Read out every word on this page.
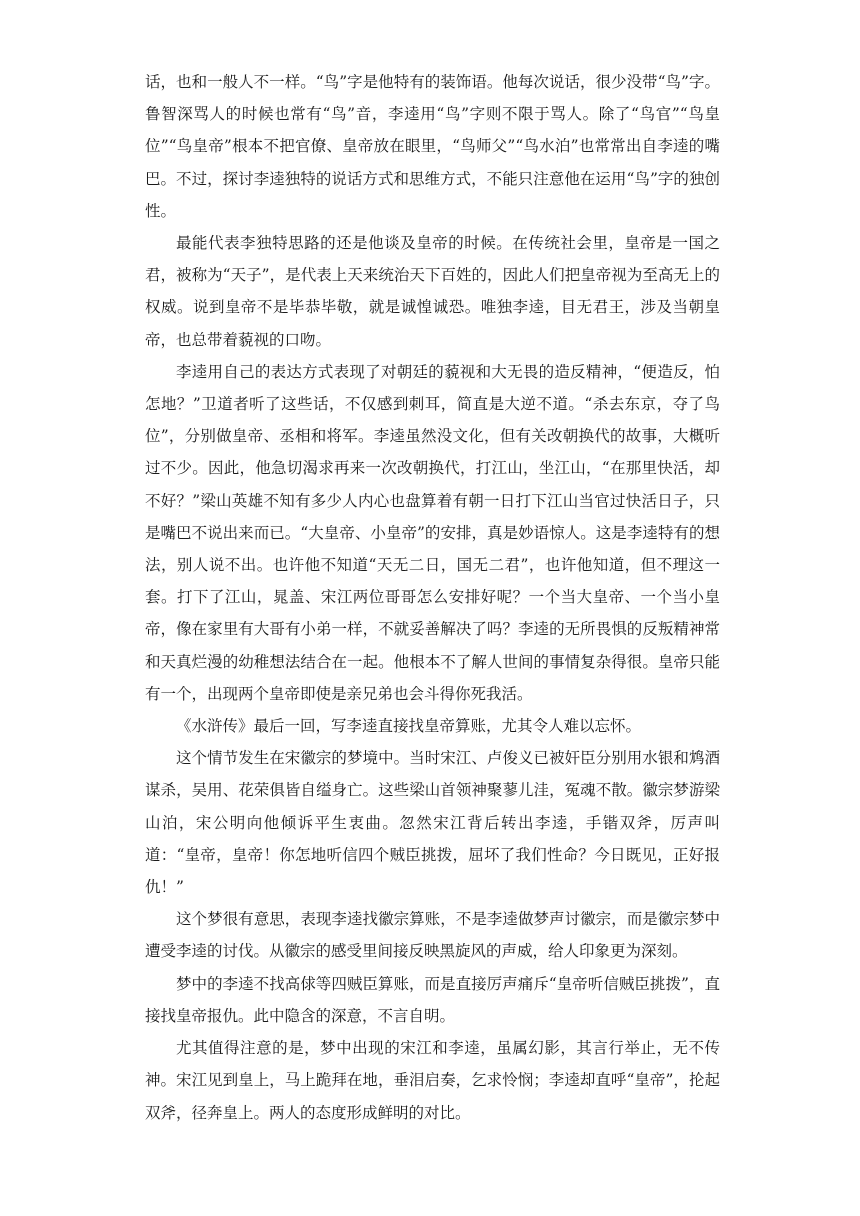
话，也和一般人不一样。“鸟”字是他特有的装饰语。他每次说话，很少没带“鸟”字。鲁智深骂人的时候也常有“鸟”音，李逵用“鸟”字则不限于骂人。除了“鸟官”“鸟皇位”“鸟皇帝”根本不把官僚、皇帝放在眼里，“鸟师父”“鸟水泊”也常常出自李逵的嘴巴。不过，探讨李逵独特的说话方式和思维方式，不能只注意他在运用“鸟”字的独创性。

最能代表李独特思路的还是他谈及皇帝的时候。在传统社会里，皇帝是一国之君，被称为“天子”，是代表上天来统治天下百姓的，因此人们把皇帝视为至高无上的权威。说到皇帝不是毕恭毕敬，就是诚惶诚恐。唯独李逵，目无君王，涉及当朝皇帝，也总带着藐视的口吻。

李逵用自己的表达方式表现了对朝廷的藐视和大无畏的造反精神，“便造反，怕怎地？”卫道者听了这些话，不仅感到刺耳，简直是大逆不道。“杀去东京，夺了鸟位”，分别做皇帝、丞相和将军。李逵虽然没文化，但有关改朝换代的故事，大概听过不少。因此，他急切渴求再来一次改朝换代，打江山，坐江山，“在那里快活，却不好？”梁山英雄不知有多少人内心也盘算着有朝一日打下江山当官过快活日子，只是嘴巴不说出来而已。“大皇帝、小皇帝”的安排，真是妙语惊人。这是李逵特有的想法，别人说不出。也许他不知道“天无二日，国无二君”，也许他知道，但不理这一套。打下了江山，晁盖、宋江两位哥哥怎么安排好呢？一个当大皇帝、一个当小皇帝，像在家里有大哥有小弟一样，不就妥善解决了吗？李逵的无所畏惧的反叛精神常和天真烂漫的幼稚想法结合在一起。他根本不了解人世间的事情复杂得很。皇帝只能有一个，出现两个皇帝即使是亲兄弟也会斗得你死我活。

《水浒传》最后一回，写李逵直接找皇帝算账，尤其令人难以忘怀。

这个情节发生在宋徽宗的梦境中。当时宋江、卢俊义已被奸臣分别用水银和鸩酒谋杀，吴用、花荣俱皆自缢身亡。这些梁山首领神聚蓼儿洼，冤魂不散。徽宗梦游梁山泊，宋公明向他倾诉平生衷曲。忽然宋江背后转出李逵，手锴双斧，厉声叫道：“皇帝，皇帝！你怎地听信四个贼臣挑拨，屈坏了我们性命？今日既见，正好报仇！”

这个梦很有意思，表现李逵找徽宗算账，不是李逵做梦声讨徽宗，而是徽宗梦中遭受李逵的讨伐。从徽宗的感受里间接反映黑旋风的声威，给人印象更为深刻。

梦中的李逵不找高俅等四贼臣算账，而是直接厉声痛斥“皇帝听信贼臣挑拨”，直接找皇帝报仇。此中隐含的深意，不言自明。

尤其值得注意的是，梦中出现的宋江和李逵，虽属幻影，其言行举止，无不传神。宋江见到皇上，马上跪拜在地，垂泪启奏，乞求怜悯；李逵却直呼“皇帝”，抡起双斧，径奔皇上。两人的态度形成鲜明的对比。
